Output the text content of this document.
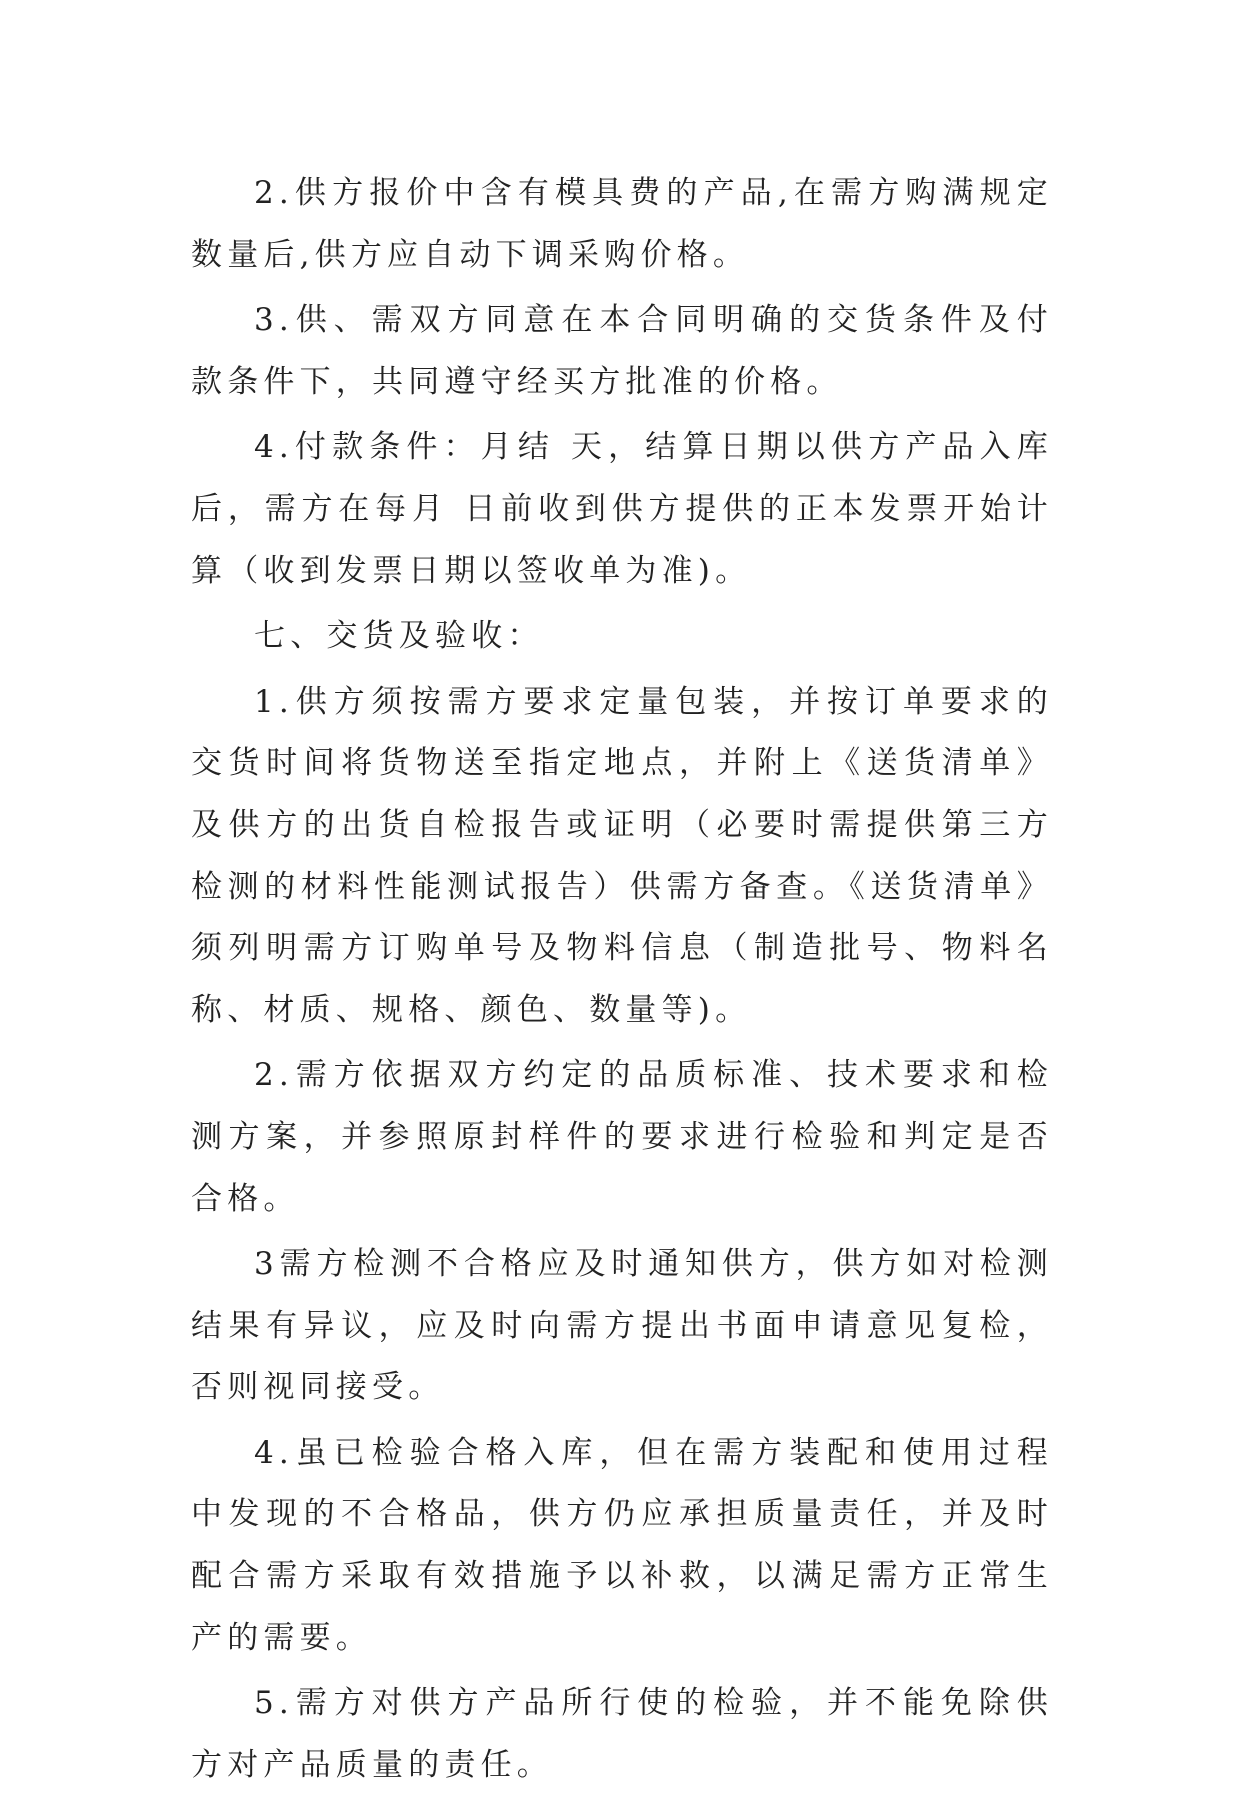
2.供方报价中含有模具费的产品,在需方购满规定数量后,供方应自动下调采购价格。

3.供、需双方同意在本合同明确的交货条件及付款条件下，共同遵守经买方批准的价格。

4.付款条件：月结 天，结算日期以供方产品入库后，需方在每月 日前收到供方提供的正本发票开始计算（收到发票日期以签收单为准)。

七、交货及验收：

1.供方须按需方要求定量包装，并按订单要求的交货时间将货物送至指定地点，并附上《送货清单》及供方的出货自检报告或证明（必要时需提供第三方检测的材料性能测试报告）供需方备查。《送货清单》须列明需方订购单号及物料信息（制造批号、物料名称、材质、规格、颜色、数量等)。

2.需方依据双方约定的品质标准、技术要求和检测方案，并参照原封样件的要求进行检验和判定是否合格。

3需方检测不合格应及时通知供方，供方如对检测结果有异议，应及时向需方提出书面申请意见复检，否则视同接受。

4.虽已检验合格入库，但在需方装配和使用过程中发现的不合格品，供方仍应承担质量责任，并及时配合需方采取有效措施予以补救，以满足需方正常生产的需要。

5.需方对供方产品所行使的检验，并不能免除供方对产品质量的责任。
